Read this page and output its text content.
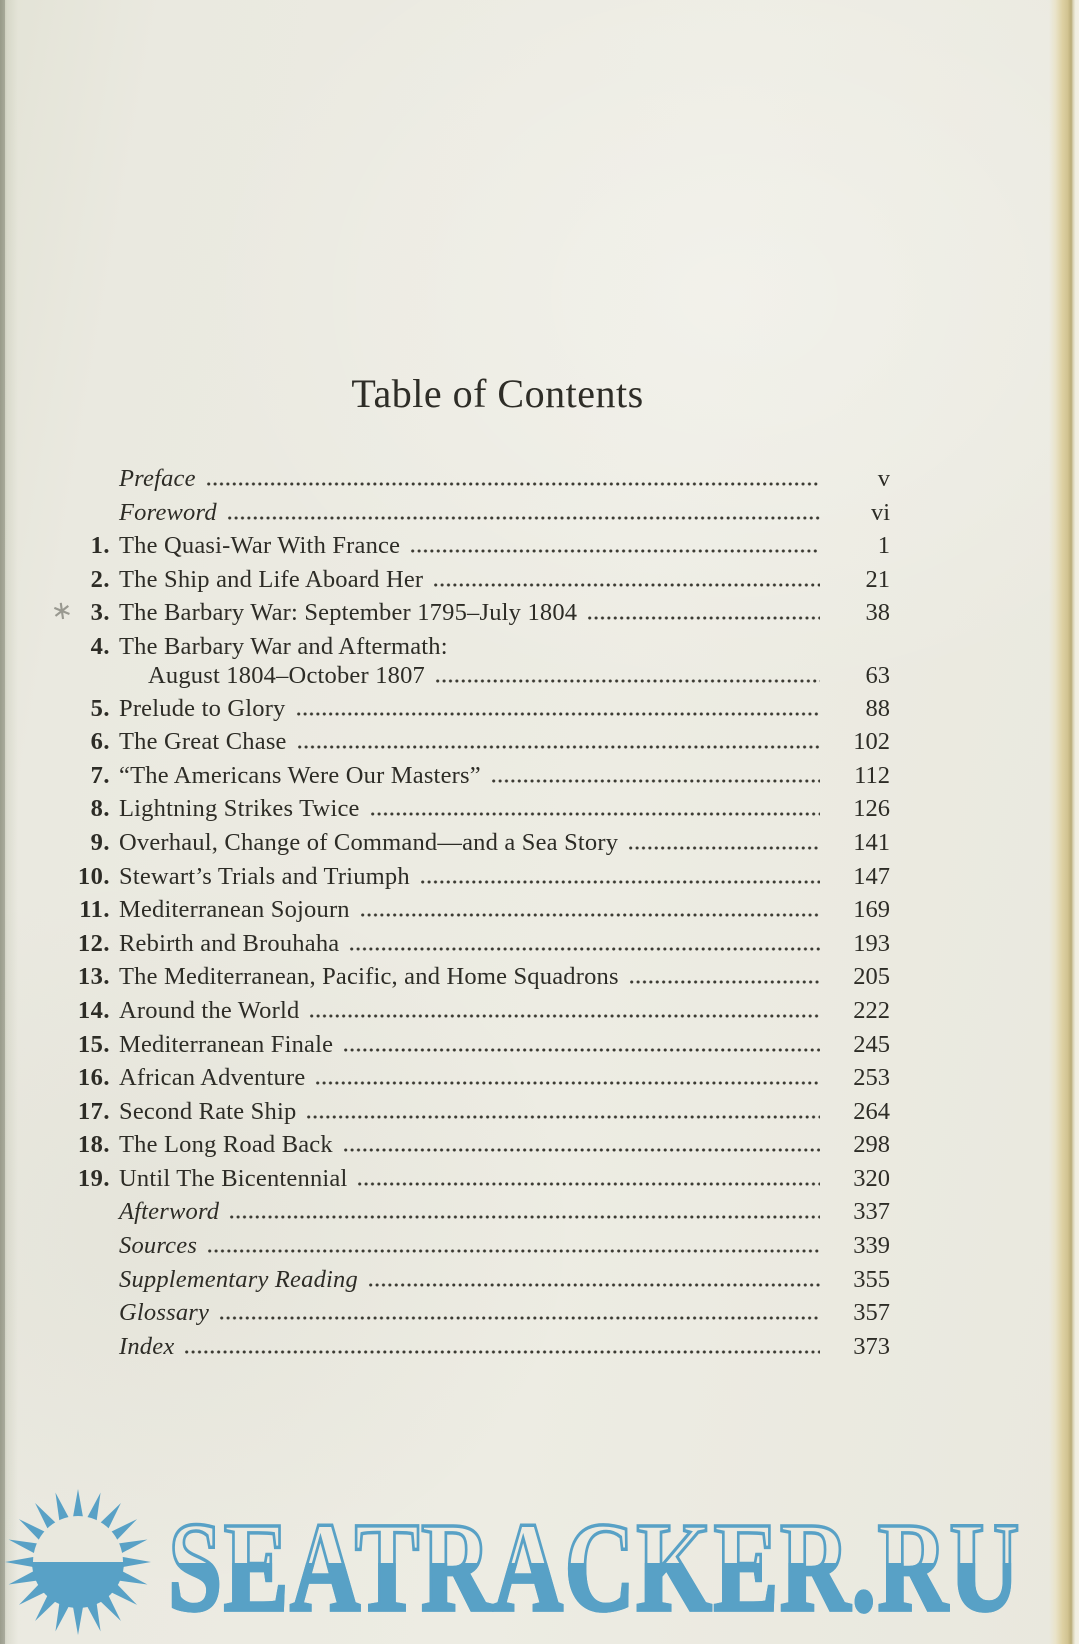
Table of Contents
∗
Preface	v
Foreword	vi
1. The Quasi-War With France	1
2. The Ship and Life Aboard Her	21
3. The Barbary War: September 1795–July 1804	38
4. The Barbary War and Aftermath:
August 1804–October 1807	63
5. Prelude to Glory	88
6. The Great Chase	102
7. “The Americans Were Our Masters”	112
8. Lightning Strikes Twice	126
9. Overhaul, Change of Command—and a Sea Story	141
10. Stewart’s Trials and Triumph	147
11. Mediterranean Sojourn	169
12. Rebirth and Brouhaha	193
13. The Mediterranean, Pacific, and Home Squadrons	205
14. Around the World	222
15. Mediterranean Finale	245
16. African Adventure	253
17. Second Rate Ship	264
18. The Long Road Back	298
19. Until The Bicentennial	320
Afterword	337
Sources	339
Supplementary Reading	355
Glossary	357
Index	373
SEATRACKER.RU
